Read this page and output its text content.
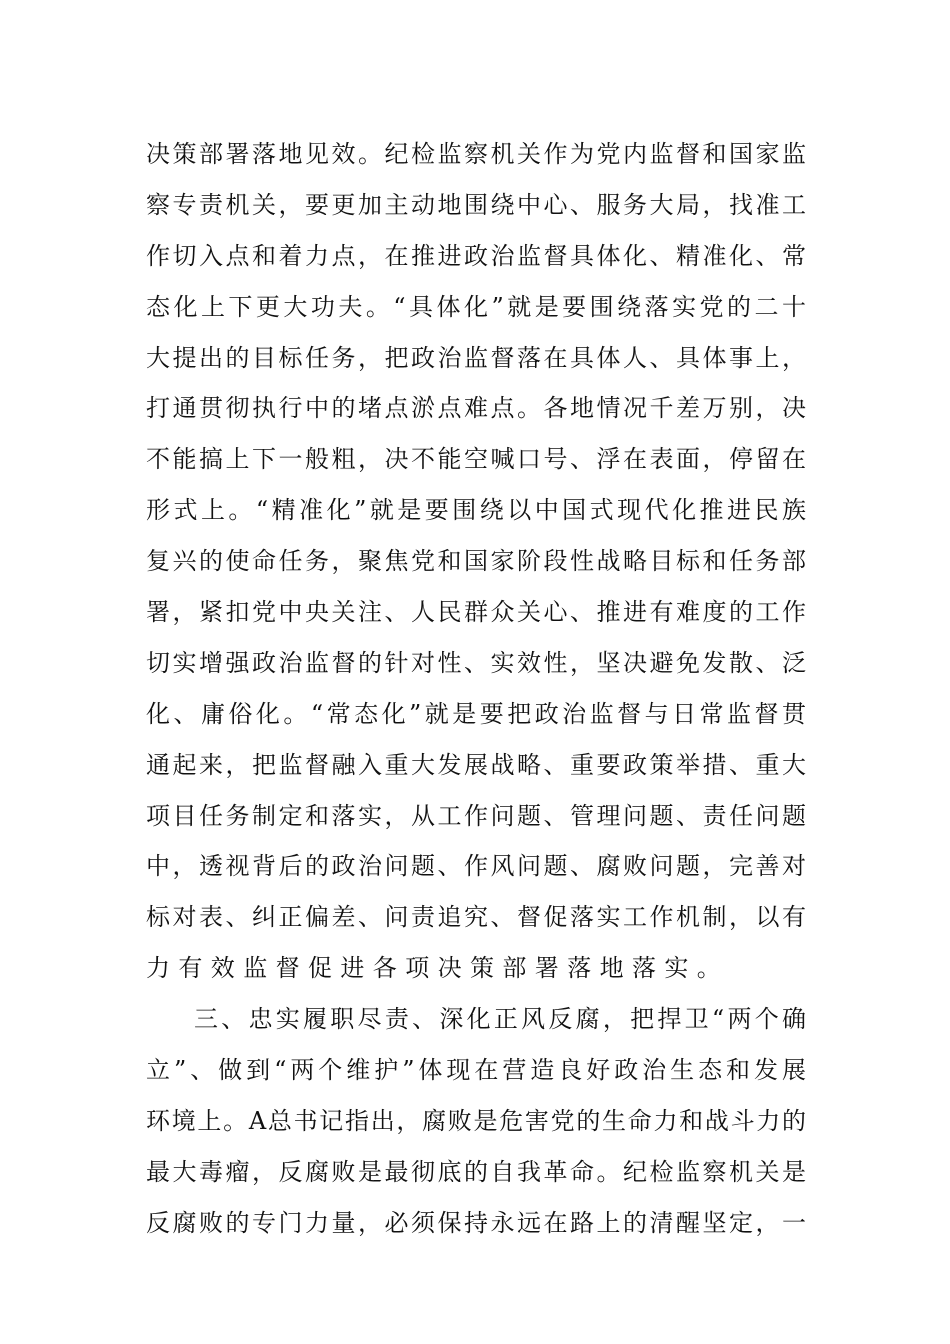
决策部署落地见效。纪检监察机关作为党内监督和国家监
察专责机关，要更加主动地围绕中心、服务大局，找准工
作切入点和着力点，在推进政治监督具体化、精准化、常
态化上下更大功夫。“具体化”就是要围绕落实党的二十
大提出的目标任务，把政治监督落在具体人、具体事上，
打通贯彻执行中的堵点淤点难点。各地情况千差万别，决
不能搞上下一般粗，决不能空喊口号、浮在表面，停留在
形式上。“精准化”就是要围绕以中国式现代化推进民族
复兴的使命任务，聚焦党和国家阶段性战略目标和任务部
署，紧扣党中央关注、人民群众关心、推进有难度的工作
切实增强政治监督的针对性、实效性，坚决避免发散、泛
化、庸俗化。“常态化”就是要把政治监督与日常监督贯
通起来，把监督融入重大发展战略、重要政策举措、重大
项目任务制定和落实，从工作问题、管理问题、责任问题
中，透视背后的政治问题、作风问题、腐败问题，完善对
标对表、纠正偏差、问责追究、督促落实工作机制，以有
力有效监督促进各项决策部署落地落实。
三、忠实履职尽责、深化正风反腐，把捍卫“两个确
立”、做到“两个维护”体现在营造良好政治生态和发展
环境上。A总书记指出，腐败是危害党的生命力和战斗力的
最大毒瘤，反腐败是最彻底的自我革命。纪检监察机关是
反腐败的专门力量，必须保持永远在路上的清醒坚定，一
